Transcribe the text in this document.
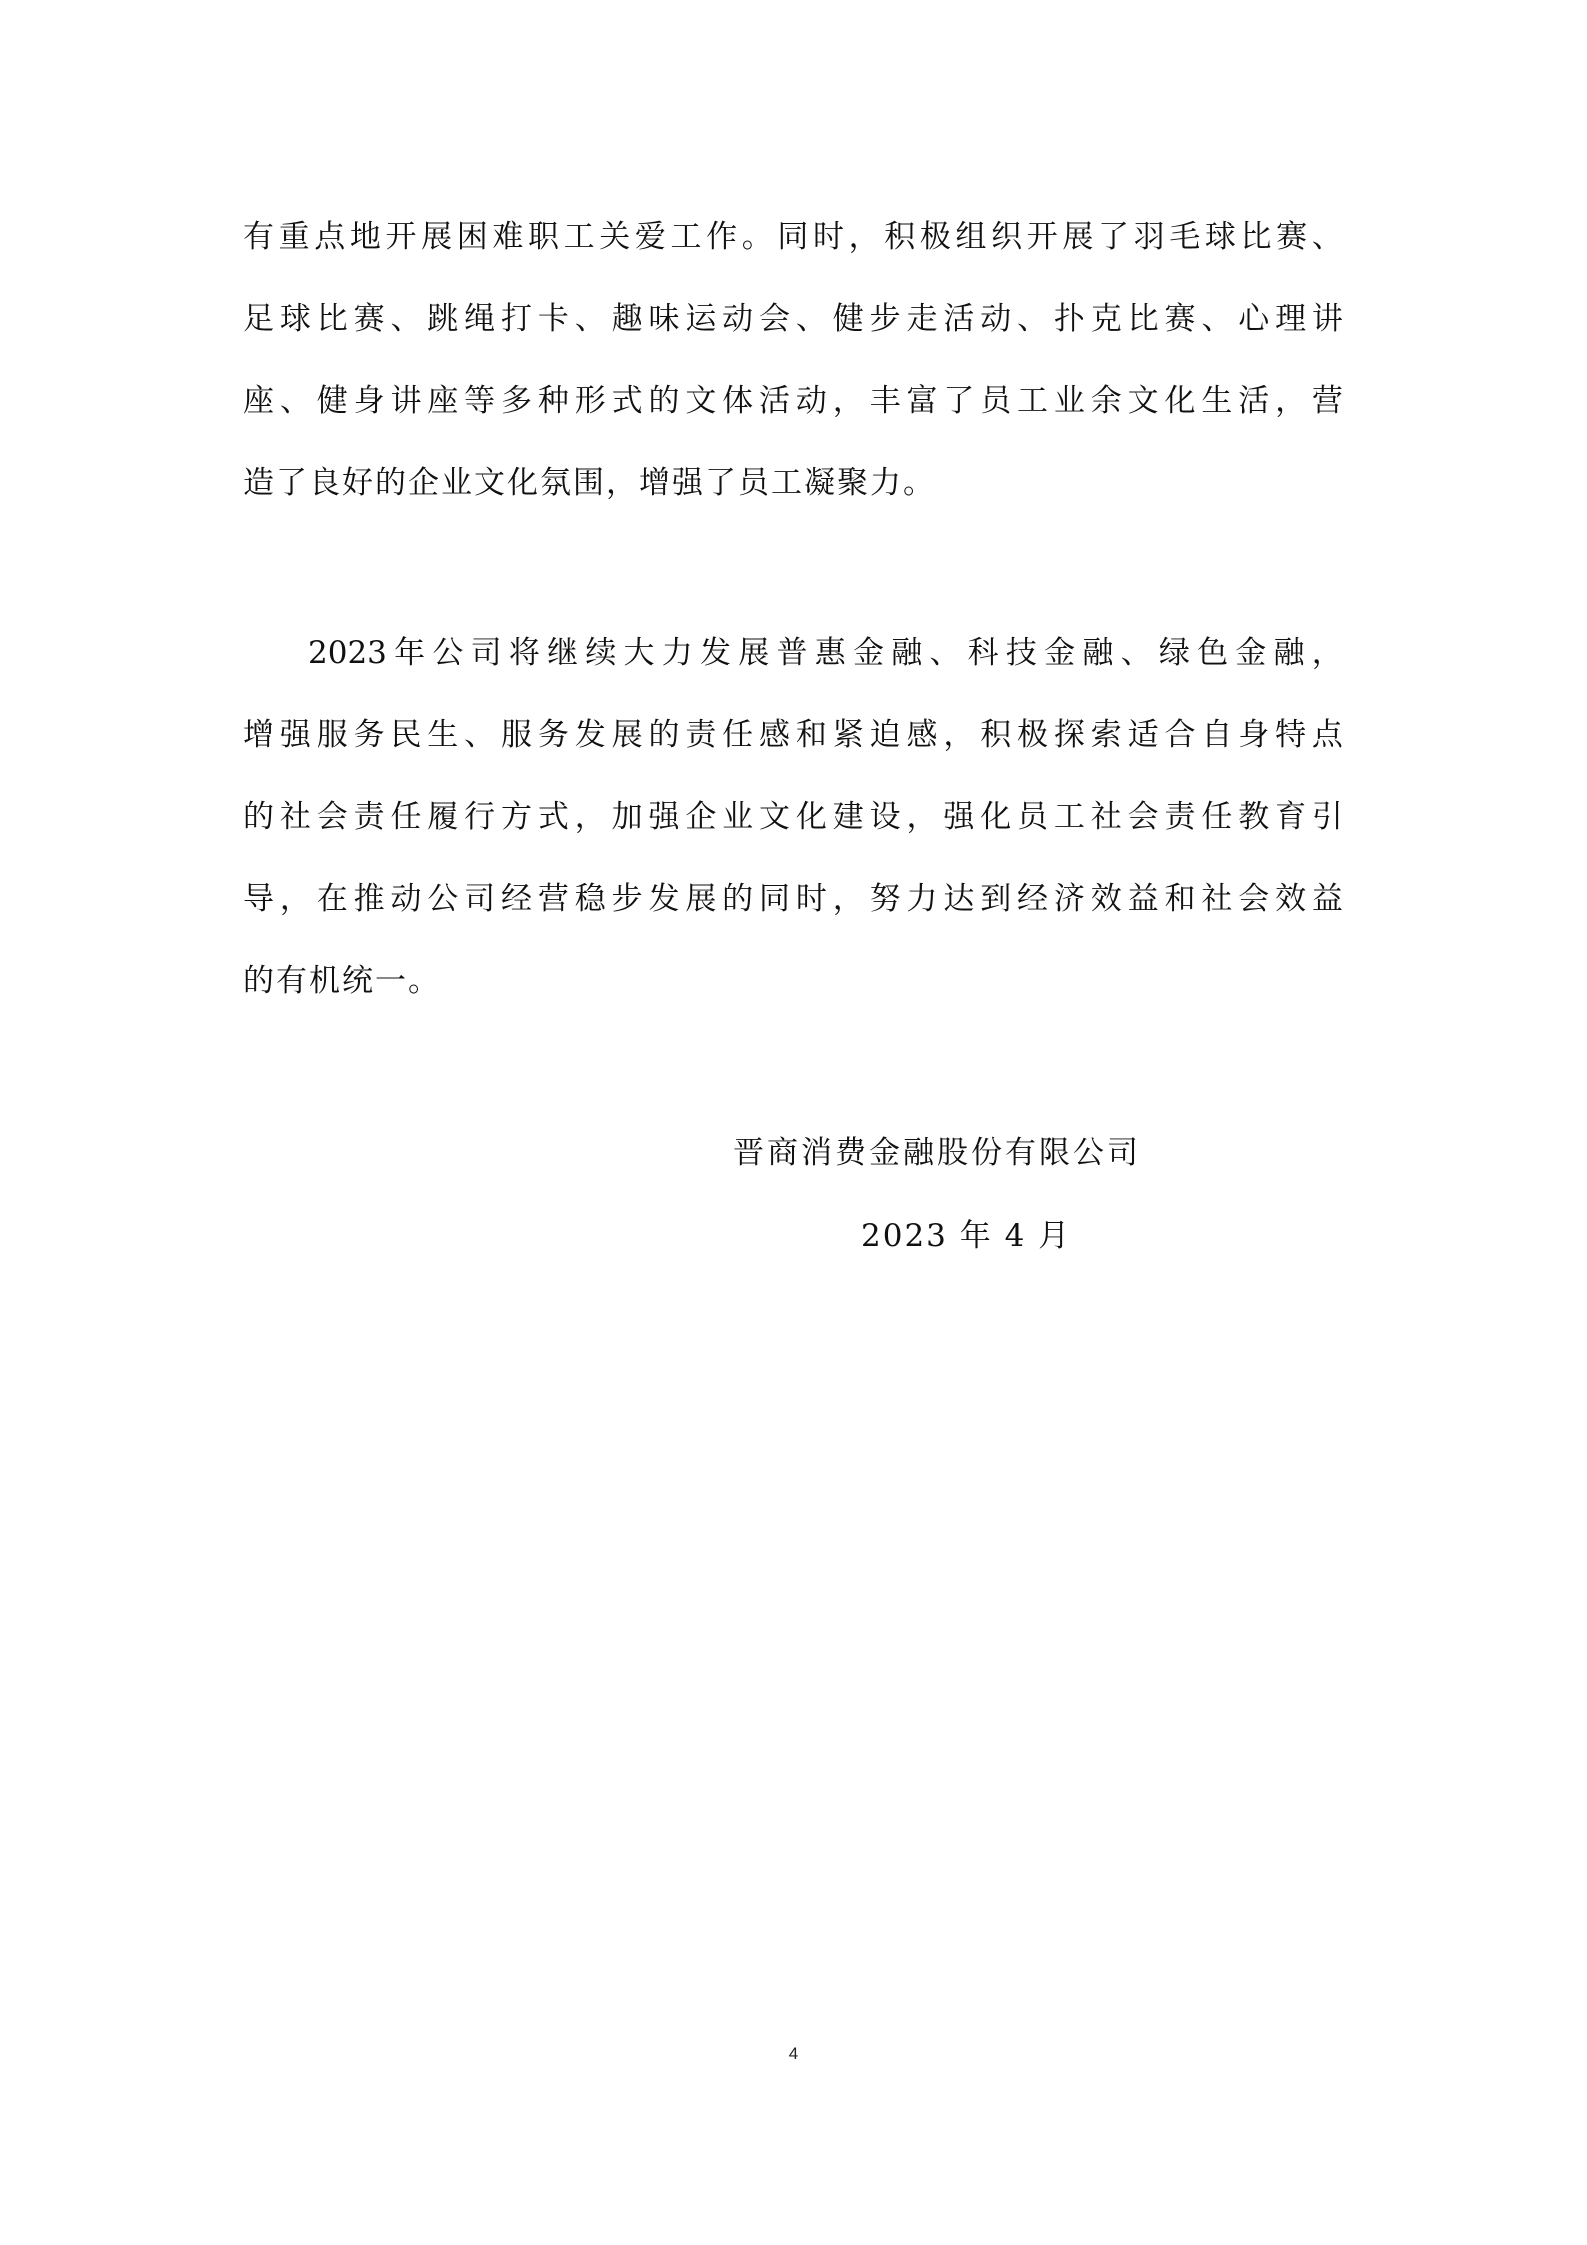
有 重 点 地 开 展 困 难 职 工 关 爱 工 作 。 同 时 ， 积 极 组 织 开 展 了 羽 毛 球 比 赛 、
足 球 比 赛 、 跳 绳 打 卡 、 趣 味 运 动 会 、 健 步 走 活 动 、 扑 克 比 赛 、 心 理 讲
座 、 健 身 讲 座 等 多 种 形 式 的 文 体 活 动 ， 丰 富 了 员 工 业 余 文 化 生 活 ， 营
造了良好的企业文化氛围，增强了员工凝聚力。
2023 年 公 司 将 继 续 大 力 发 展 普 惠 金 融 、 科 技 金 融 、 绿 色 金 融 ，
增 强 服 务 民 生 、 服 务 发 展 的 责 任 感 和 紧 迫 感 ， 积 极 探 索 适 合 自 身 特 点
的 社 会 责 任 履 行 方 式 ， 加 强 企 业 文 化 建 设 ， 强 化 员 工 社 会 责 任 教 育 引
导 ， 在 推 动 公 司 经 营 稳 步 发 展 的 同 时 ， 努 力 达 到 经 济 效 益 和 社 会 效 益
的有机统一。
晋商消费金融股份有限公司
2023 年 4 月
4
